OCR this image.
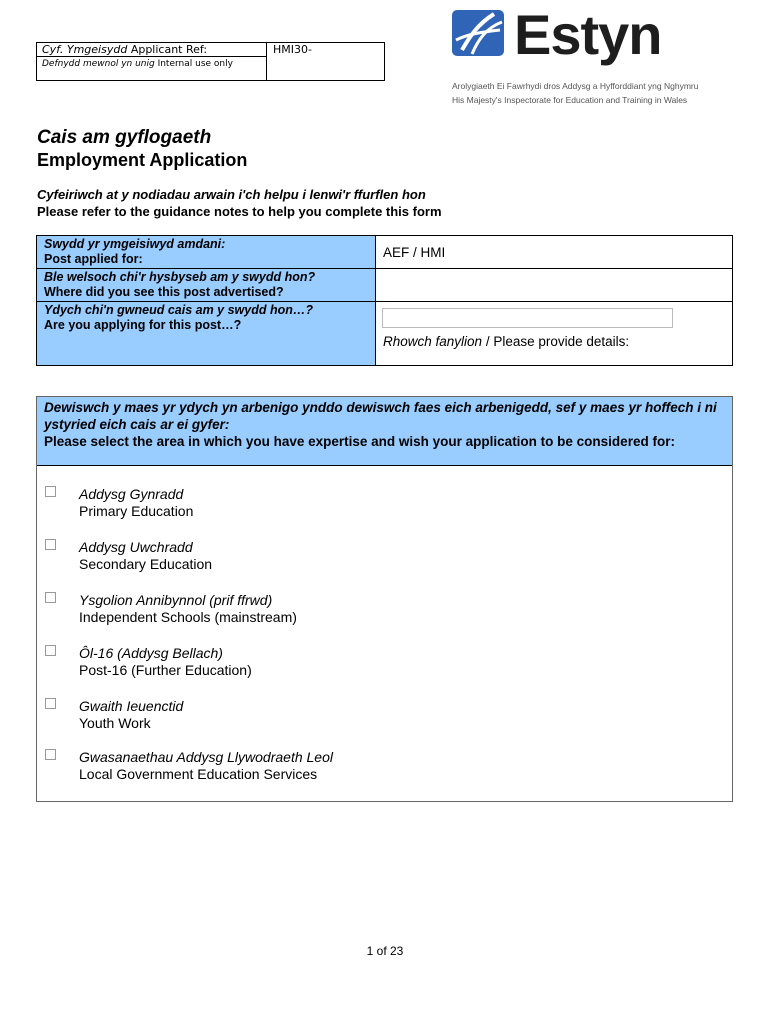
Cyf. Ymgeisydd Applicant Ref:
Defnydd mewnol yn unig Internal use only
HMI30-	Estyn
Arolygiaeth Ei Fawrhydi dros Addysg a Hyfforddiant yng Nghymru
His Majesty's Inspectorate for Education and Training in Wales
Cais am gyflogaeth
Employment Application
Cyfeiriwch at y nodiadau arwain i'ch helpu i lenwi'r ffurflen hon
Please refer to the guidance notes to help you complete this form
Swydd yr ymgeisiwyd amdani:
Post applied for:	AEF / HMI
Ble welsoch chi'r hysbyseb am y swydd hon?
Where did you see this post advertised?
Ydych chi'n gwneud cais am y swydd hon…?
Are you applying for this post…?
Rhowch fanylion / Please provide details:
Dewiswch y maes yr ydych yn arbenigo ynddo dewiswch faes eich arbenigedd, sef y maes yr hoffech i ni ystyried eich cais ar ei gyfer:
Please select the area in which you have expertise and wish your application to be considered for:
Addysg Gynradd
Primary Education
Addysg Uwchradd
Secondary Education
Ysgolion Annibynnol (prif ffrwd)
Independent Schools (mainstream)
Ôl-16 (Addysg Bellach)
Post-16 (Further Education)
Gwaith Ieuenctid
Youth Work
Gwasanaethau Addysg Llywodraeth Leol
Local Government Education Services
1 of 23
